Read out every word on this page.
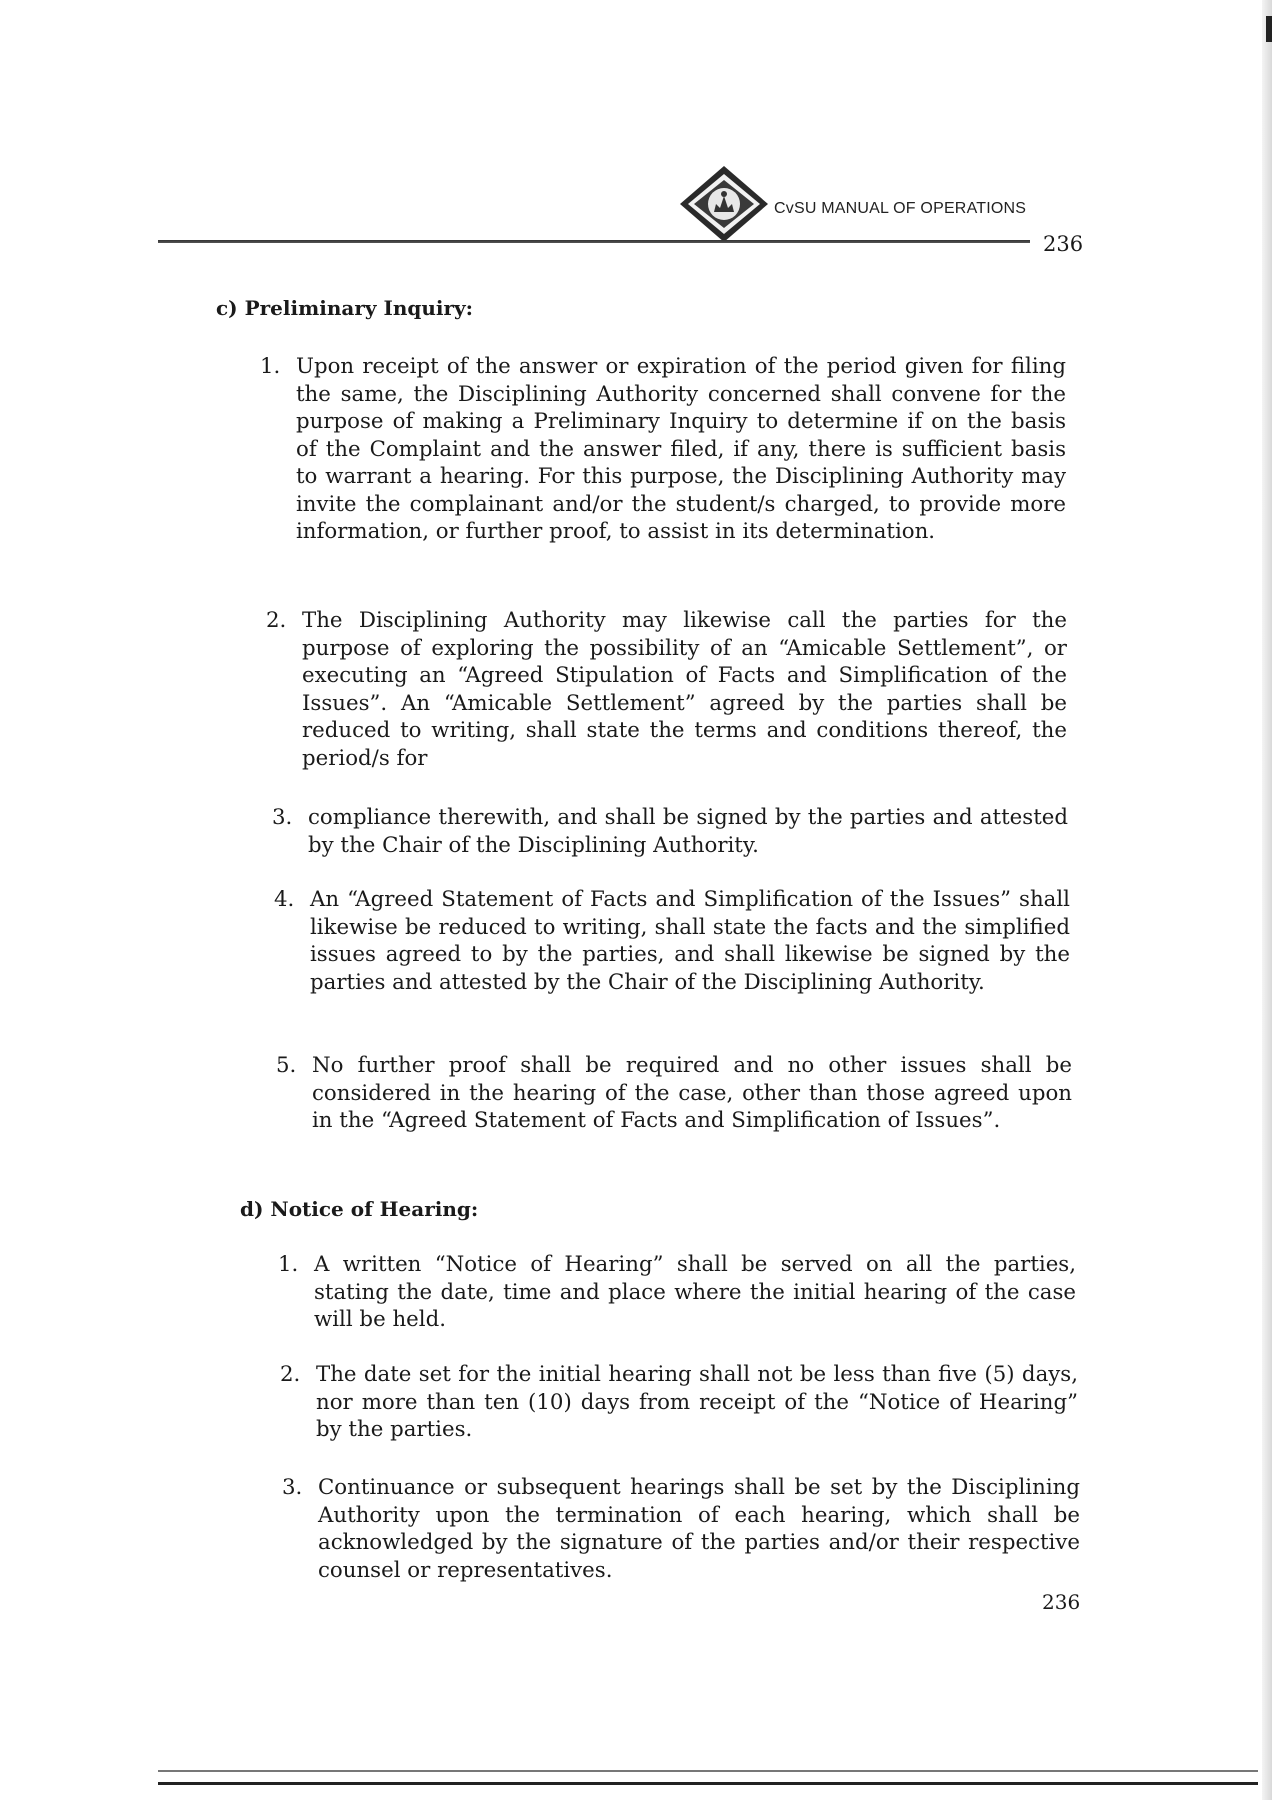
CvSU MANUAL OF OPERATIONS
236
c) Preliminary Inquiry:
1. Upon receipt of the answer or expiration of the period given for filing the same, the Disciplining Authority concerned shall convene for the purpose of making a Preliminary Inquiry to determine if on the basis of the Complaint and the answer filed, if any, there is sufficient basis to warrant a hearing. For this purpose, the Disciplining Authority may invite the complainant and/or the student/s charged, to provide more information, or further proof, to assist in its determination.
2. The Disciplining Authority may likewise call the parties for the purpose of exploring the possibility of an “Amicable Settlement”, or executing an “Agreed Stipulation of Facts and Simplification of the Issues”. An “Amicable Settlement” agreed by the parties shall be reduced to writing, shall state the terms and conditions thereof, the period/s for
3. compliance therewith, and shall be signed by the parties and attested by the Chair of the Disciplining Authority.
4. An “Agreed Statement of Facts and Simplification of the Issues” shall likewise be reduced to writing, shall state the facts and the simplified issues agreed to by the parties, and shall likewise be signed by the parties and attested by the Chair of the Disciplining Authority.
5. No further proof shall be required and no other issues shall be considered in the hearing of the case, other than those agreed upon in the “Agreed Statement of Facts and Simplification of Issues”.
d) Notice of Hearing:
1. A written “Notice of Hearing” shall be served on all the parties, stating the date, time and place where the initial hearing of the case will be held.
2. The date set for the initial hearing shall not be less than five (5) days, nor more than ten (10) days from receipt of the “Notice of Hearing” by the parties.
3. Continuance or subsequent hearings shall be set by the Disciplining Authority upon the termination of each hearing, which shall be acknowledged by the signature of the parties and/or their respective counsel or representatives.
236
